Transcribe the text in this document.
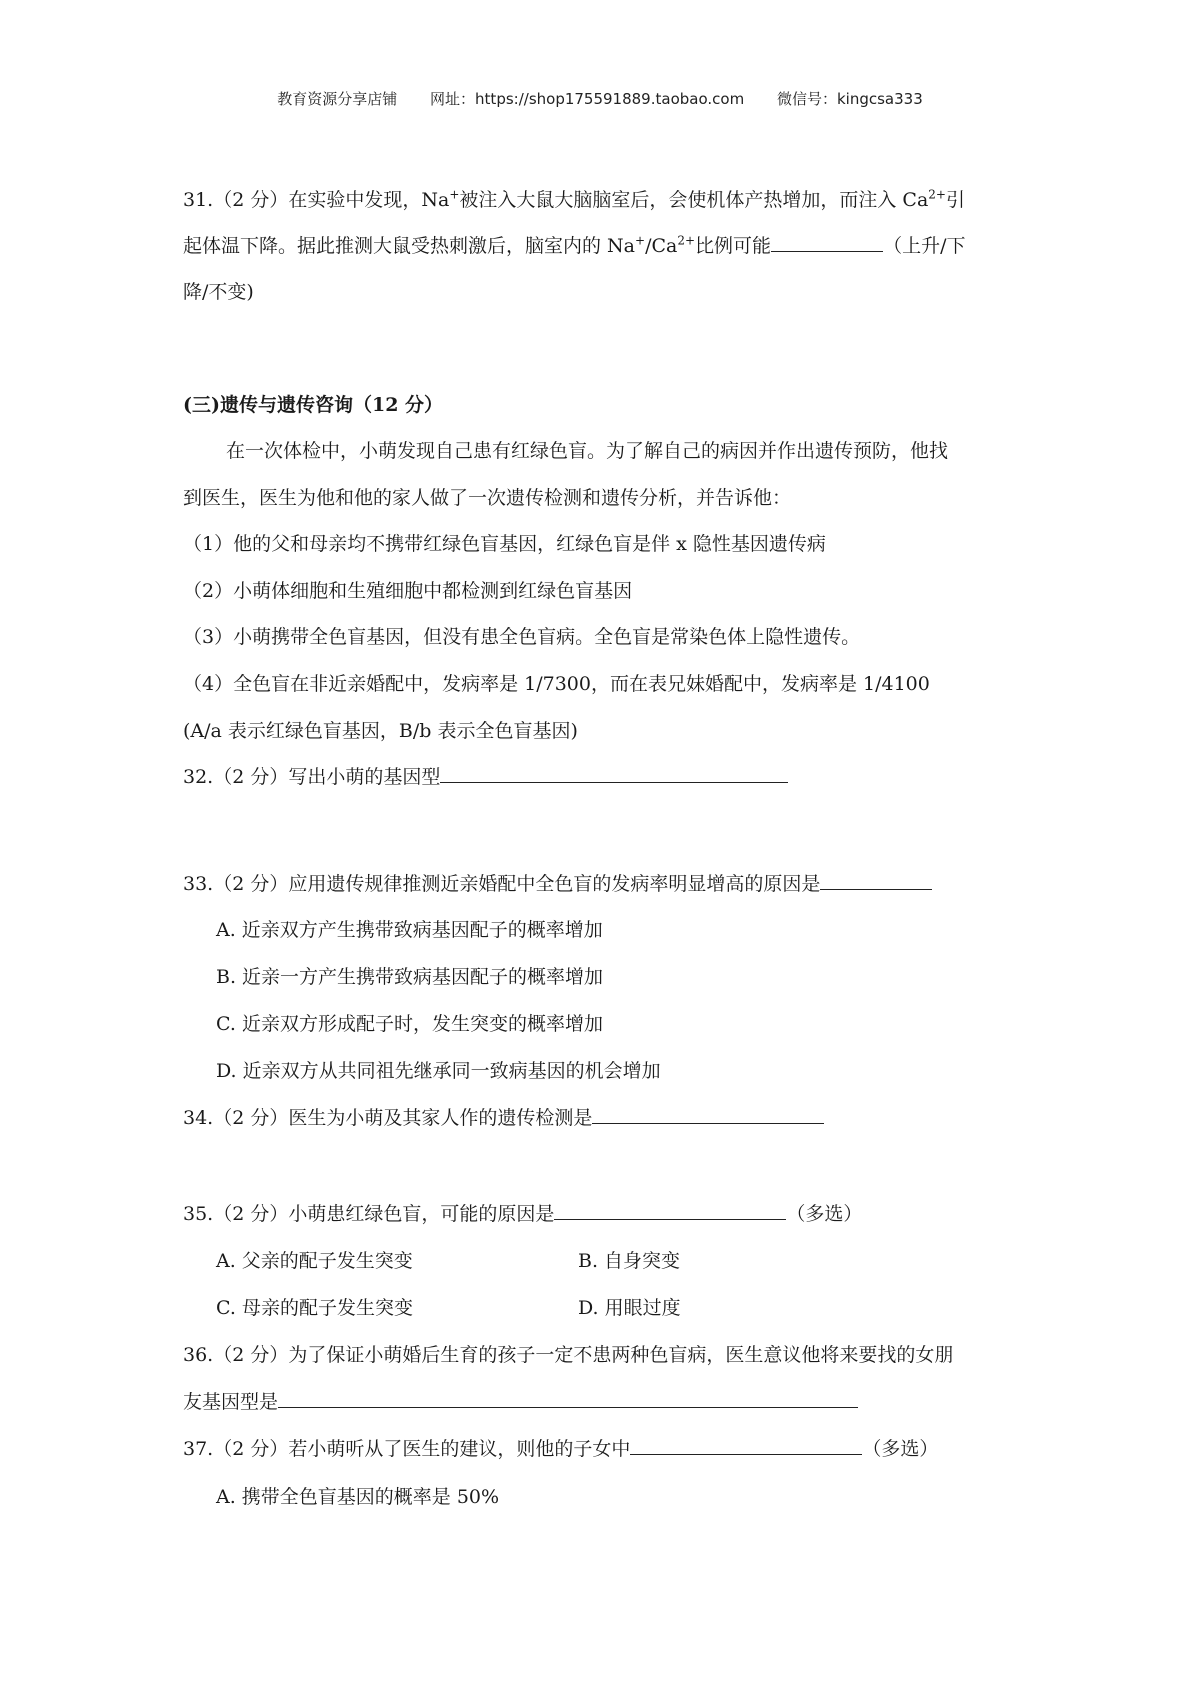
教育资源分享店铺 网址：https://shop175591889.taobao.com 微信号：kingcsa333
31.（2 分）在实验中发现，Na+被注入大鼠大脑脑室后，会使机体产热增加，而注入 $Ca^{2+}$引
起体温下降。据此推测大鼠受热刺激后，脑室内的 $Na^+/Ca^{2+}$比例可能	（上升/下
降/不变)
(三)遗传与遗传咨询（12 分）
在一次体检中，小萌发现自己患有红绿色盲。为了解自己的病因并作出遗传预防，他找
到医生，医生为他和他的家人做了一次遗传检测和遗传分析，并告诉他：
（1）他的父和母亲均不携带红绿色盲基因，红绿色盲是伴 x 隐性基因遗传病
（2）小萌体细胞和生殖细胞中都检测到红绿色盲基因
（3）小萌携带全色盲基因，但没有患全色盲病。全色盲是常染色体上隐性遗传。
（4）全色盲在非近亲婚配中，发病率是 1/7300，而在表兄妹婚配中，发病率是 1/4100
(A/a 表示红绿色盲基因，B/b 表示全色盲基因)
32.（2 分）写出小萌的基因型
33.（2 分）应用遗传规律推测近亲婚配中全色盲的发病率明显增高的原因是
A. 近亲双方产生携带致病基因配子的概率增加
B. 近亲一方产生携带致病基因配子的概率增加
C. 近亲双方形成配子时，发生突变的概率增加
D. 近亲双方从共同祖先继承同一致病基因的机会增加
34.（2 分）医生为小萌及其家人作的遗传检测是
35.（2 分）小萌患红绿色盲，可能的原因是	（多选）
A. 父亲的配子发生突变	B. 自身突变
C. 母亲的配子发生突变	D. 用眼过度
36.（2 分）为了保证小萌婚后生育的孩子一定不患两种色盲病，医生意议他将来要找的女朋
友基因型是
37.（2 分）若小萌听从了医生的建议，则他的子女中	（多选）
A. 携带全色盲基因的概率是 50%
